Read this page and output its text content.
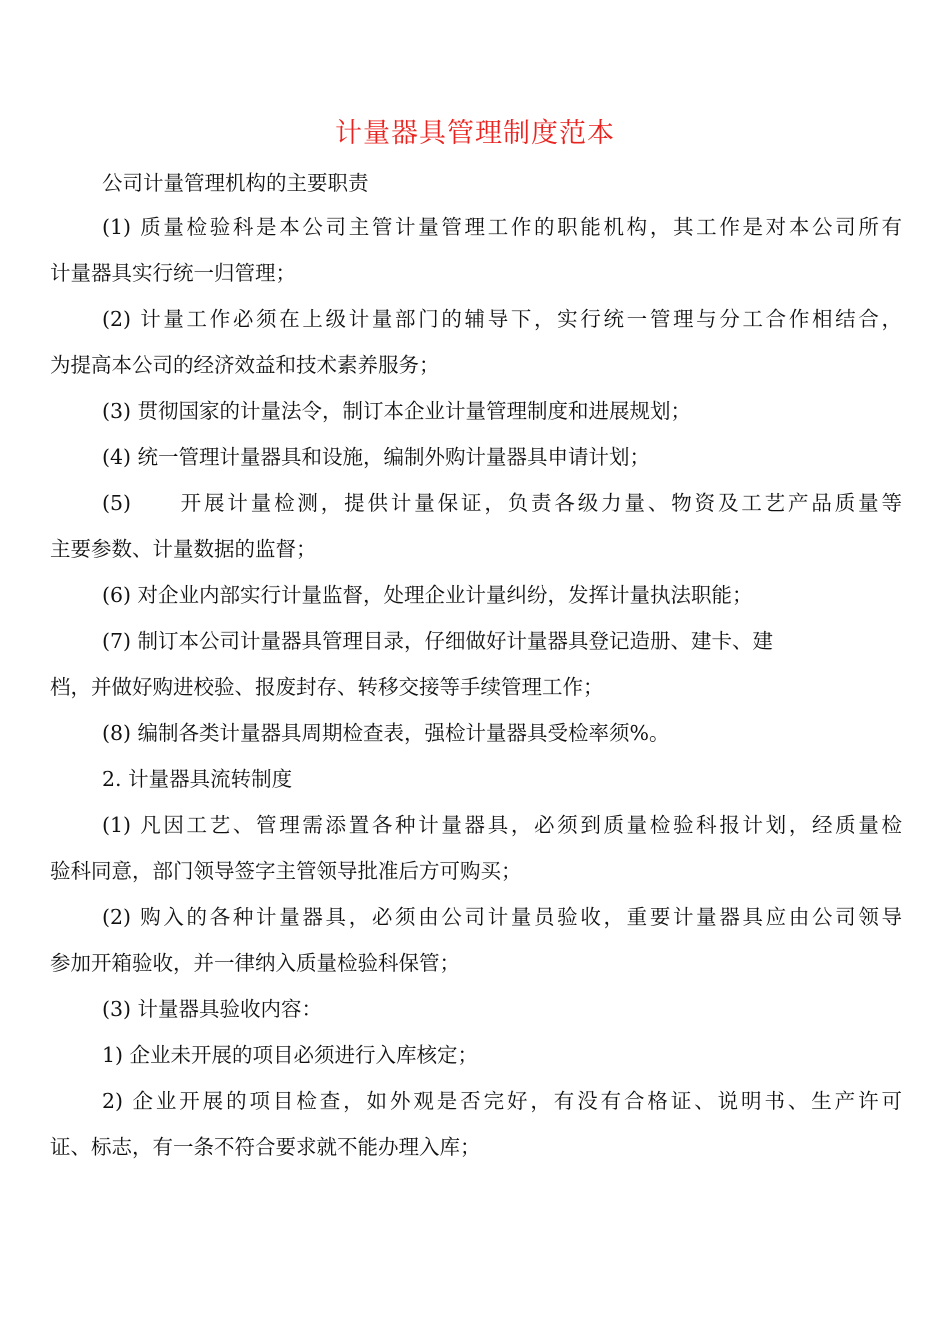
计量器具管理制度范本
公司计量管理机构的主要职责
(1) 质量检验科是本公司主管计量管理工作的职能机构，其工作是对本公司所有
计量器具实行统一归管理；
(2) 计量工作必须在上级计量部门的辅导下，实行统一管理与分工合作相结合，
为提高本公司的经济效益和技术素养服务；
(3) 贯彻国家的计量法令，制订本企业计量管理制度和进展规划；
(4) 统一管理计量器具和设施，编制外购计量器具申请计划；
(5)　　开展计量检测，提供计量保证，负责各级力量、物资及工艺产品质量等
主要参数、计量数据的监督；
(6) 对企业内部实行计量监督，处理企业计量纠纷，发挥计量执法职能；
(7) 制订本公司计量器具管理目录，仔细做好计量器具登记造册、建卡、建
档，并做好购进校验、报废封存、转移交接等手续管理工作；
(8) 编制各类计量器具周期检查表，强检计量器具受检率须%。
2. 计量器具流转制度
(1) 凡因工艺、管理需添置各种计量器具，必须到质量检验科报计划，经质量检
验科同意，部门领导签字主管领导批准后方可购买；
(2) 购入的各种计量器具，必须由公司计量员验收，重要计量器具应由公司领导
参加开箱验收，并一律纳入质量检验科保管；
(3) 计量器具验收内容：
1) 企业未开展的项目必须进行入库核定；
2) 企业开展的项目检查，如外观是否完好，有没有合格证、说明书、生产许可
证、标志，有一条不符合要求就不能办理入库；
